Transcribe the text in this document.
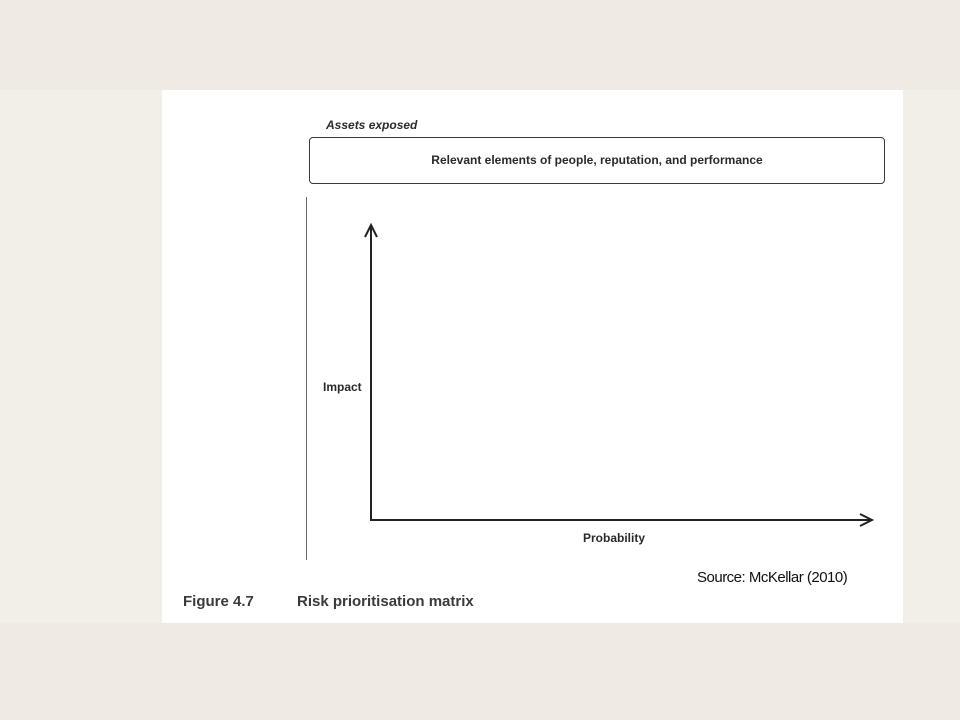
Assets exposed
Relevant elements of people, reputation, and performance
Impact
Probability
Source: McKellar (2010)
Figure 4.7	Risk prioritisation matrix
